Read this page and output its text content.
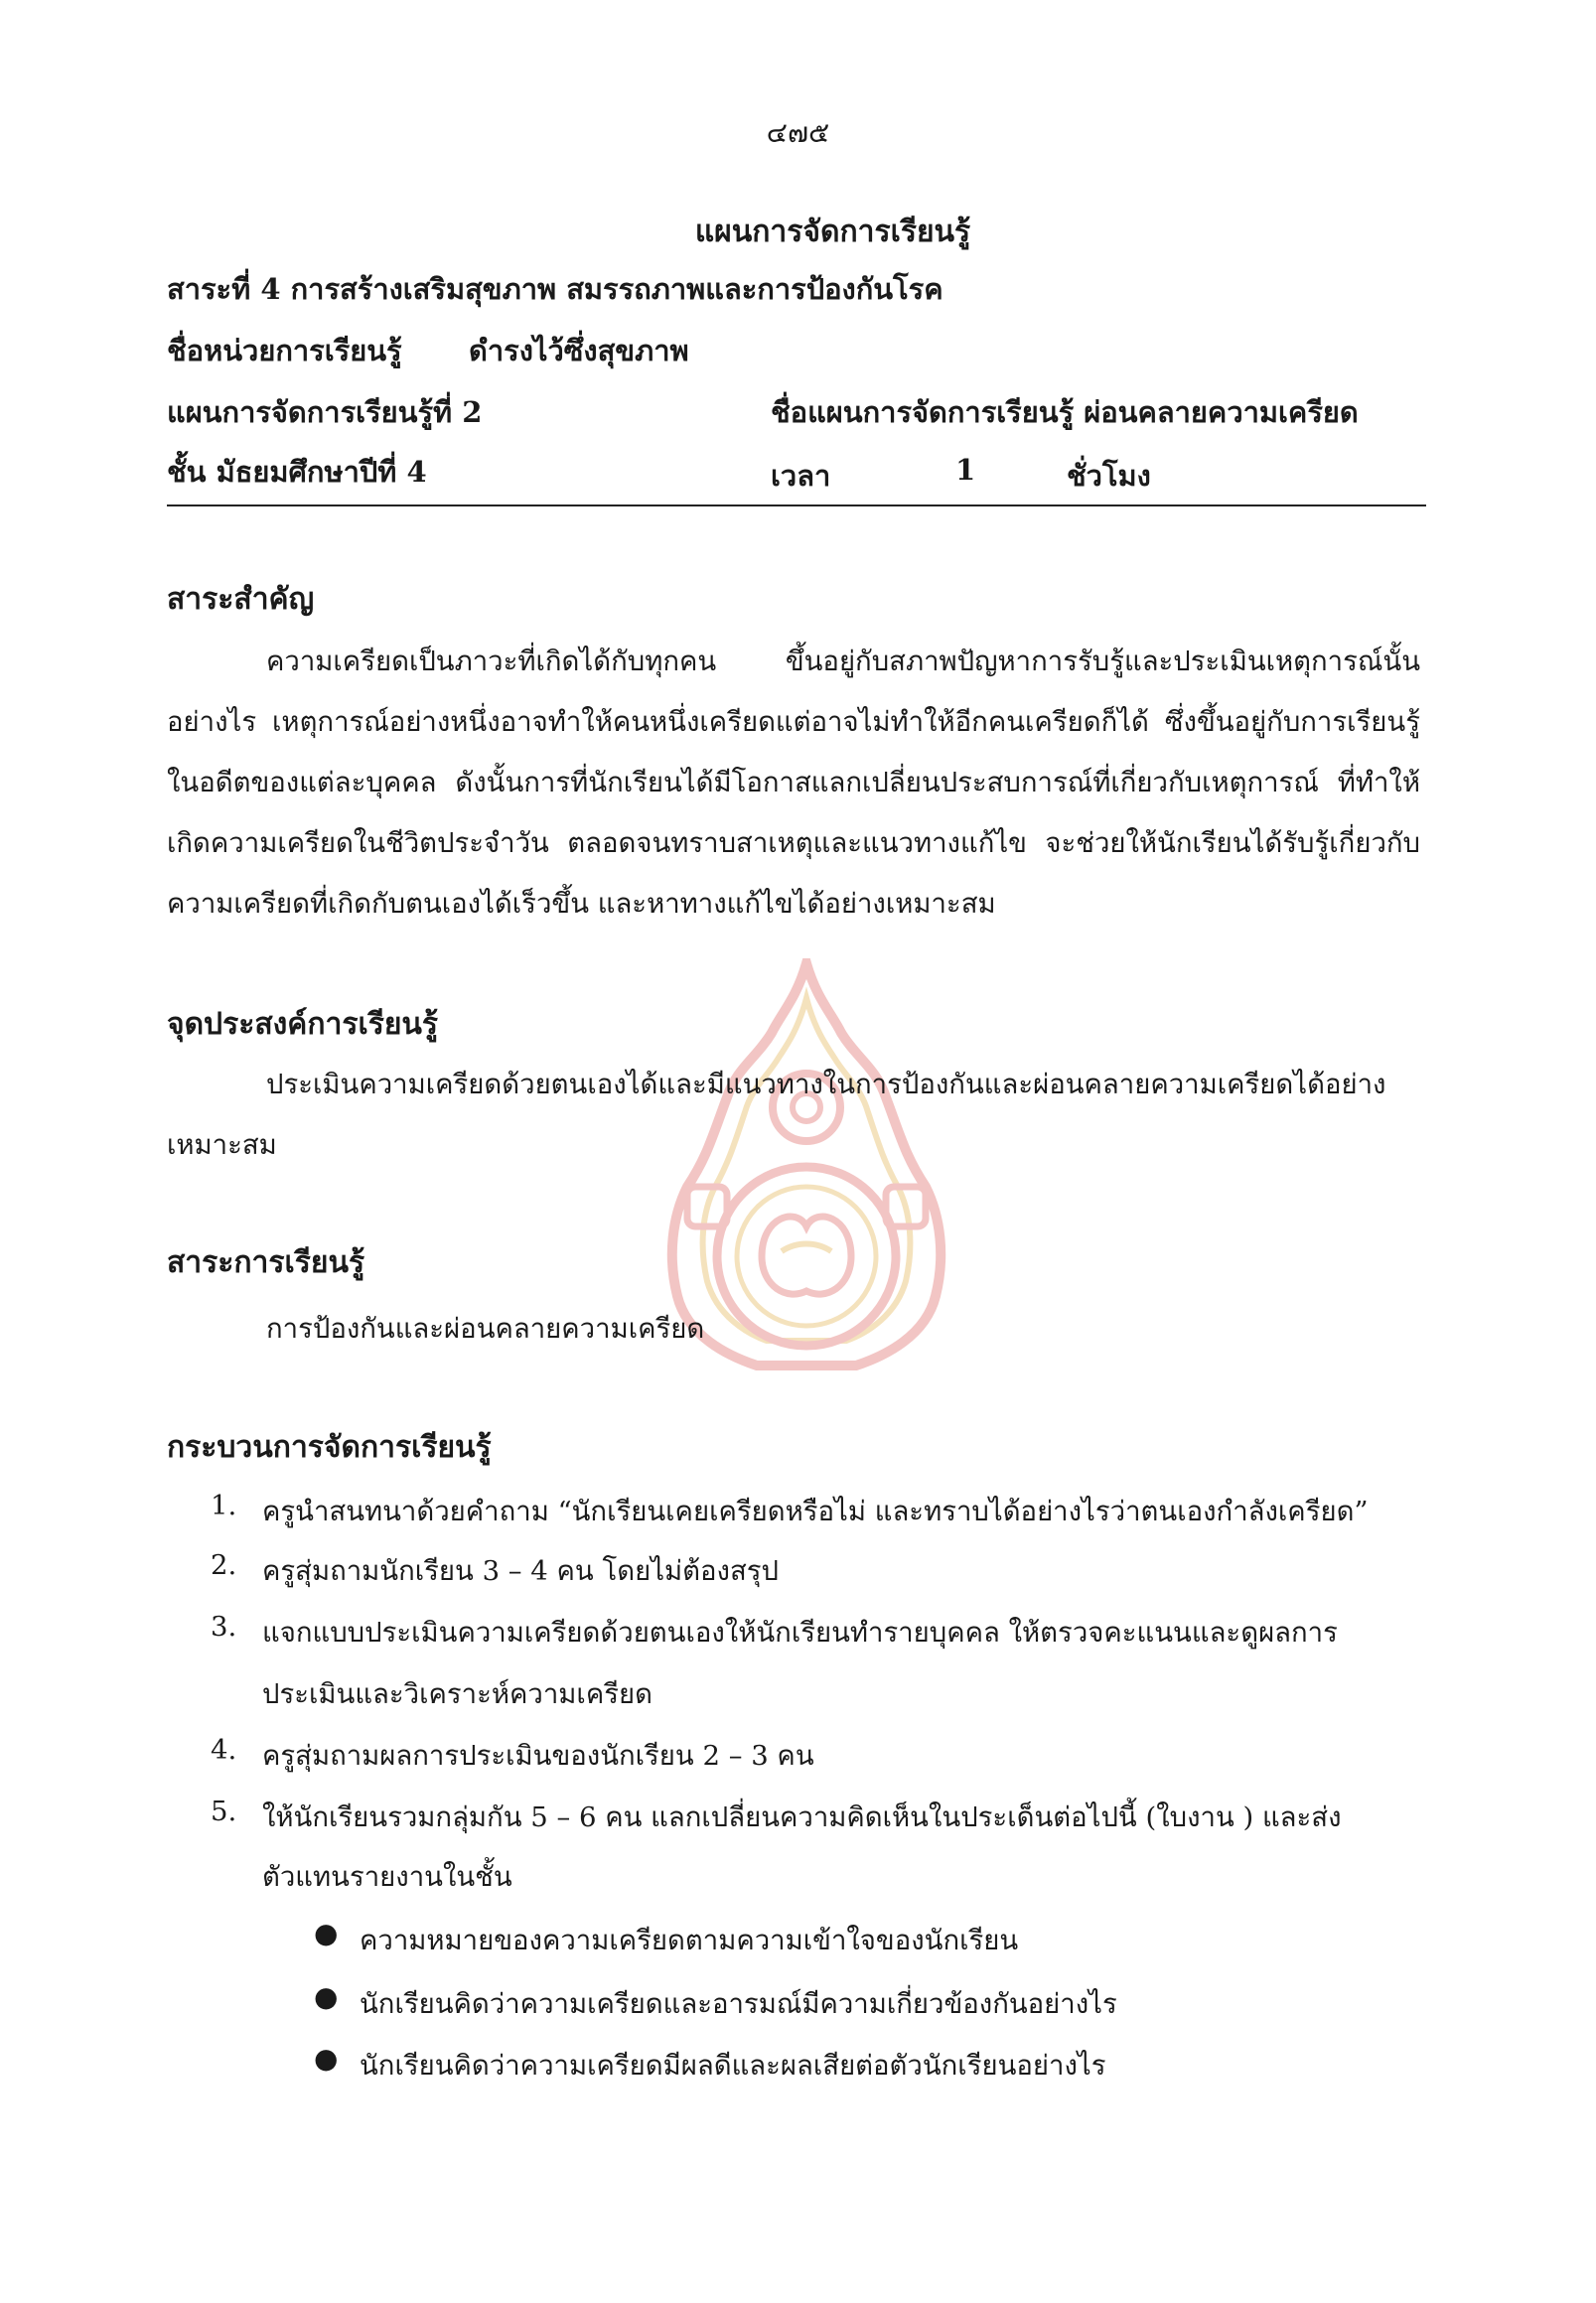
๔๗๕
แผนการจัดการเรียนรู้
สาระที่ 4 การสร้างเสริมสุขภาพ สมรรถภาพและการป้องกันโรค
ชื่อหน่วยการเรียนรู้ ดำรงไว้ซึ่งสุขภาพ
แผนการจัดการเรียนรู้ที่ 2	ชื่อแผนการจัดการเรียนรู้ ผ่อนคลายความเครียด
ชั้น มัธยมศึกษาปีที่ 4	เวลา	1	ชั่วโมง
สาระสำคัญ
ความเครียดเป็นภาวะที่เกิดได้กับทุกคน ขึ้นอยู่กับสภาพปัญหาการรับรู้และประเมินเหตุการณ์นั้นอย่างไร เหตุการณ์อย่างหนึ่งอาจทำให้คนหนึ่งเครียดแต่อาจไม่ทำให้อีกคนเครียดก็ได้ ซึ่งขึ้นอยู่กับการเรียนรู้ในอดีตของแต่ละบุคคล ดังนั้นการที่นักเรียนได้มีโอกาสแลกเปลี่ยนประสบการณ์ที่เกี่ยวกับเหตุการณ์ ที่ทำให้เกิดความเครียดในชีวิตประจำวัน ตลอดจนทราบสาเหตุและแนวทางแก้ไข จะช่วยให้นักเรียนได้รับรู้เกี่ยวกับความเครียดที่เกิดกับตนเองได้เร็วขึ้น และหาทางแก้ไขได้อย่างเหมาะสม
จุดประสงค์การเรียนรู้
ประเมินความเครียดด้วยตนเองได้และมีแนวทางในการป้องกันและผ่อนคลายความเครียดได้อย่างเหมาะสม
สาระการเรียนรู้
การป้องกันและผ่อนคลายความเครียด
กระบวนการจัดการเรียนรู้
1. ครูนำสนทนาด้วยคำถาม “นักเรียนเคยเครียดหรือไม่ และทราบได้อย่างไรว่าตนเองกำลังเครียด”
2. ครูสุ่มถามนักเรียน 3 – 4 คน โดยไม่ต้องสรุป
3. แจกแบบประเมินความเครียดด้วยตนเองให้นักเรียนทำรายบุคคล ให้ตรวจคะแนนและดูผลการ
ประเมินและวิเคราะห์ความเครียด
4. ครูสุ่มถามผลการประเมินของนักเรียน 2 – 3 คน
5. ให้นักเรียนรวมกลุ่มกัน 5 – 6 คน แลกเปลี่ยนความคิดเห็นในประเด็นต่อไปนี้ (ใบงาน ) และส่ง
ตัวแทนรายงานในชั้น
● ความหมายของความเครียดตามความเข้าใจของนักเรียน
● นักเรียนคิดว่าความเครียดและอารมณ์มีความเกี่ยวข้องกันอย่างไร
● นักเรียนคิดว่าความเครียดมีผลดีและผลเสียต่อตัวนักเรียนอย่างไร
